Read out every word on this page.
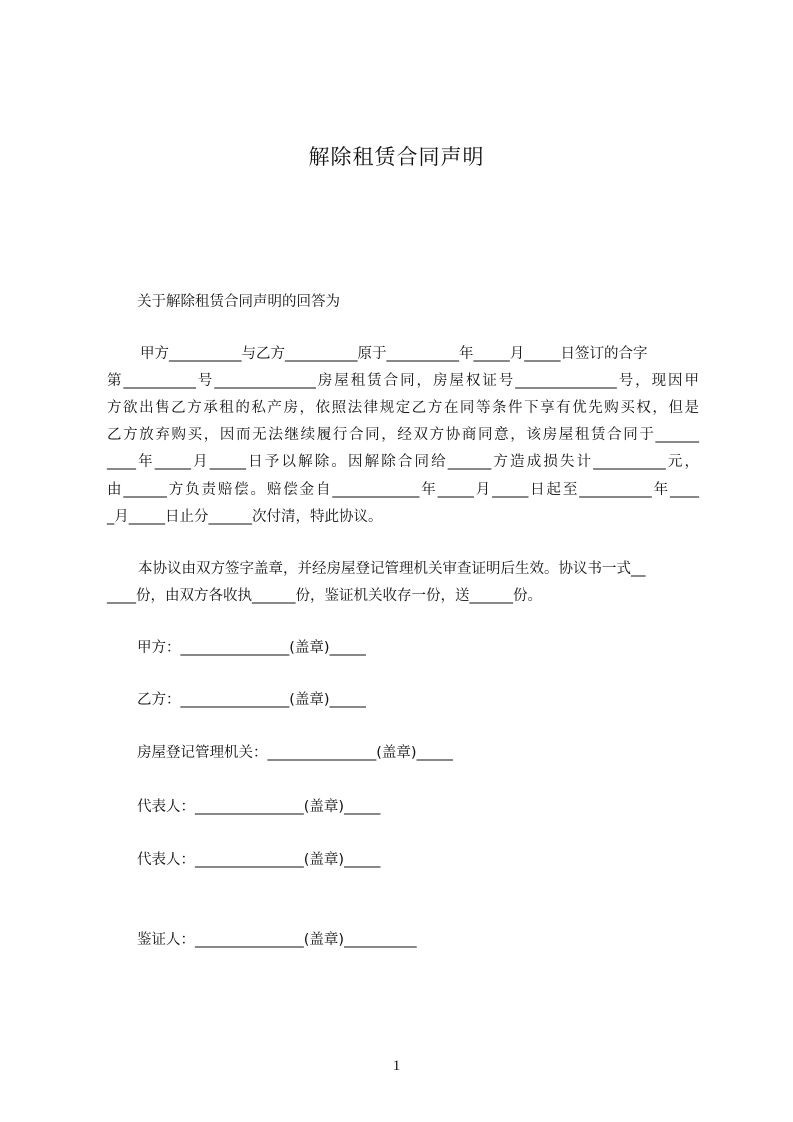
解除租赁合同声明

关于解除租赁合同声明的回答为

甲方__________与乙方__________原于__________年_____月_____日签订的合字

第__________号______________房屋租赁合同，房屋权证号______________号，现因甲

方欲出售乙方承租的私产房，依照法律规定乙方在同等条件下享有优先购买权，但是

乙方放弃购买，因而无法继续履行合同，经双方协商同意，该房屋租赁合同于______

____年_____月_____日予以解除。因解除合同给______方造成损失计__________元，

由______方负责赔偿。赔偿金自____________年_____月_____日起至__________年____

_月_____日止分______次付清，特此协议。

本协议由双方签字盖章，并经房屋登记管理机关审查证明后生效。协议书一式__

____份，由双方各收执______份，鉴证机关收存一份，送______份。

甲方：_______________(盖章)_____

乙方：_______________(盖章)_____

房屋登记管理机关：_______________(盖章)_____

代表人：_______________(盖章)_____

代表人：_______________(盖章)_____

鉴证人：_______________(盖章)__________

1
